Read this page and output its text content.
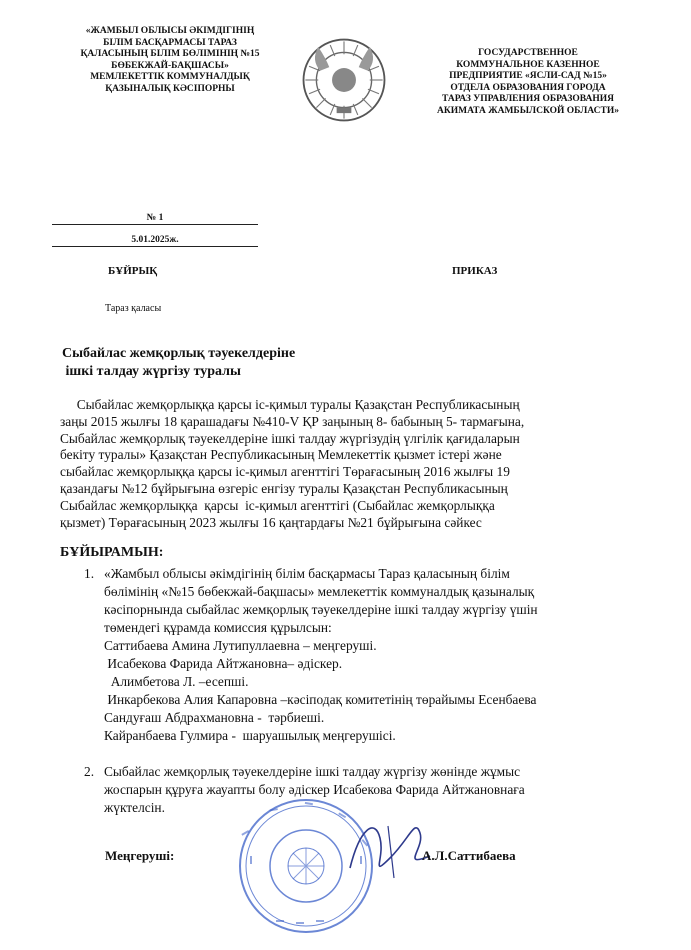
«ЖАМБЫЛ ОБЛЫСЫ ӘКІМДІГІНІҢ
БІЛІМ БАСҚАРМАСЫ ТАРАЗ
ҚАЛАСЫНЫҢ БІЛІМ БӨЛІМІНІҢ №15
БӨБЕКЖАЙ-БАҚШАСЫ»
МЕМЛЕКЕТТІК КОММУНАЛДЫҚ
ҚАЗЫНАЛЫҚ КӘСІПОРНЫ
ГОСУДАРСТВЕННОЕ
КОММУНАЛЬНОЕ КАЗЕННОЕ
ПРЕДПРИЯТИЕ «ЯСЛИ-САД №15»
ОТДЕЛА ОБРАЗОВАНИЯ ГОРОДА
ТАРАЗ УПРАВЛЕНИЯ ОБРАЗОВАНИЯ
АКИМАТА ЖАМБЫЛСКОЙ ОБЛАСТИ»
№ 1
5.01.2025ж.
БҰЙРЫҚ	ПРИКАЗ
Тараз қаласы
Сыбайлас жемқорлық тәуекелдеріне
ішкі талдау жүргізу туралы
Сыбайлас жемқорлыққа қарсы іс-қимыл туралы Қазақстан Республикасының
заңы 2015 жылғы 18 қарашадағы №410-V ҚР заңының 8- бабының 5- тармағына,
Сыбайлас жемқорлық тәуекелдеріне ішкі талдау жүргізудің үлгілік қағидаларын
бекіту туралы» Қазақстан Республикасының Мемлекеттік қызмет істері және
сыбайлас жемқорлыққа қарсы іс-қимыл агенттігі Төрағасының 2016 жылғы 19
қазандағы №12 бұйрығына өзгеріс енгізу туралы Қазақстан Республикасының
Сыбайлас жемқорлыққа  қарсы  іс-қимыл агенттігі (Сыбайлас жемқорлыққа
қызмет) Төрағасының 2023 жылғы 16 қаңтардағы №21 бұйрығына сәйкес
БҰЙЫРАМЫН:
1. «Жамбыл облысы әкімдігінің білім басқармасы Тараз қаласының білім
бөлімінің «№15 бөбекжай-бақшасы» мемлекеттік коммуналдық қазыналық
кәсіпорнында сыбайлас жемқорлық тәуекелдеріне ішкі талдау жүргізу үшін
төмендегі құрамда комиссия құрылсын:
Саттибаева Амина Лутипуллаевна – меңгеруші.
Исабекова Фарида Айтжановна– әдіскер.
Алимбетова Л. –есепші.
Инкарбекова Алия Капаровна –кәсіподақ комитетінің төрайымы Есенбаева
Сандуғаш Абдрахмановна -  тәрбиеші.
Кайранбаева Гулмира -  шаруашылық меңгерушісі.
2. Сыбайлас жемқорлық тәуекелдеріне ішкі талдау жүргізу жөнінде жұмыс
жоспарын құруға жауапты болу әдіскер Исабекова Фарида Айтжановнаға
жүктелсін.
Меңгеруші:	А.Л.Саттибаева
